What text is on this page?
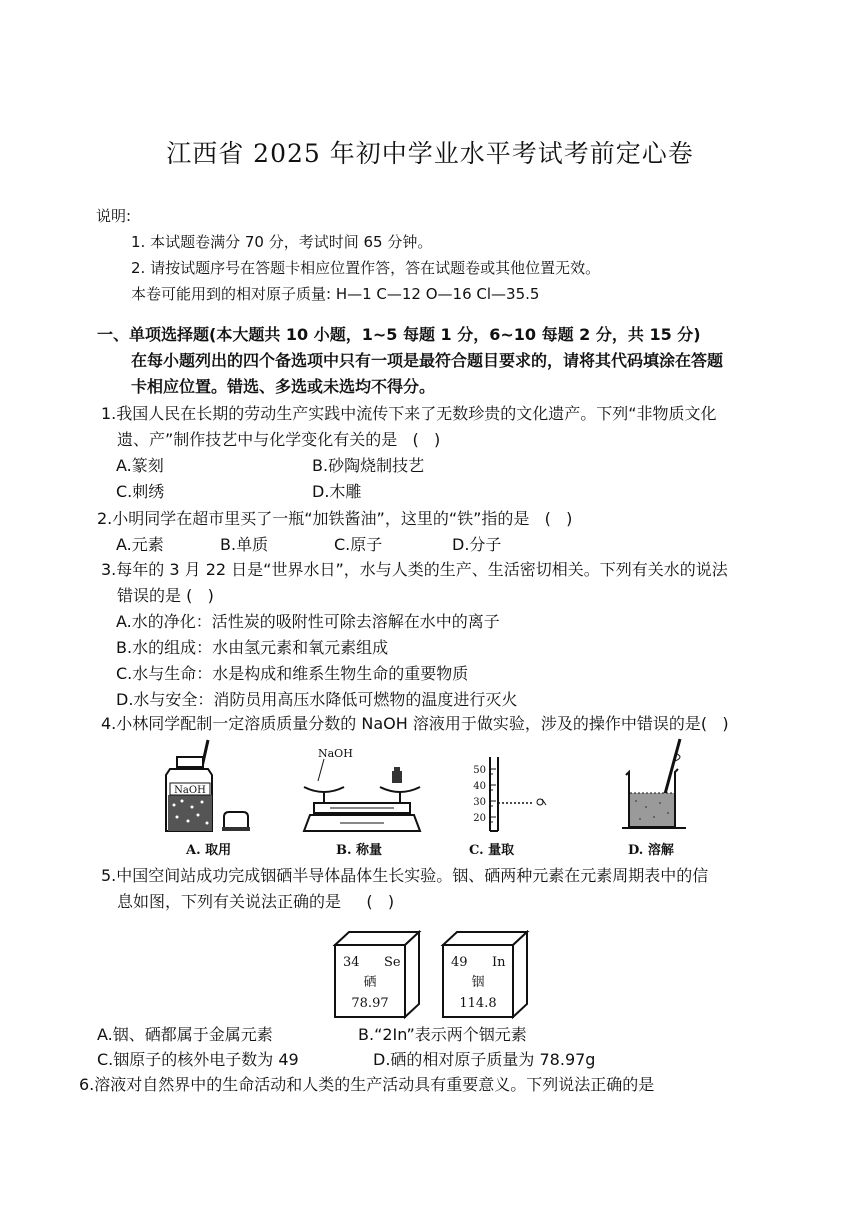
江西省 2025 年初中学业水平考试考前定心卷
说明:
1. 本试题卷满分 70 分，考试时间 65 分钟。
2. 请按试题序号在答题卡相应位置作答，答在试题卷或其他位置无效。
本卷可能用到的相对原子质量: H—1 C—12 O—16 Cl—35.5
一、单项选择题(本大题共 10 小题，1~5 每题 1 分，6~10 每题 2 分，共 15 分)
在每小题列出的四个备选项中只有一项是最符合题目要求的，请将其代码填涂在答题
卡相应位置。错选、多选或未选均不得分。
1.我国人民在长期的劳动生产实践中流传下来了无数珍贵的文化遗产。下列“非物质文化
遗、产”制作技艺中与化学变化有关的是   (   )
A.篆刻	B.砂陶烧制技艺
C.刺绣	D.木雕
2.小明同学在超市里买了一瓶“加铁酱油”，这里的“铁”指的是   (   )
A.元素	B.单质	C.原子	D.分子
3.每年的 3 月 22 日是“世界水日”，水与人类的生产、生活密切相关。下列有关水的说法
错误的是 (   )
A.水的净化：活性炭的吸附性可除去溶解在水中的离子
B.水的组成：水由氢元素和氧元素组成
C.水与生命：水是构成和维系生物生命的重要物质
D.水与安全：消防员用高压水降低可燃物的温度进行灭火
4.小林同学配制一定溶质质量分数的 NaOH 溶液用于做实验，涉及的操作中错误的是(   )
NaOH
A. 取用
NaOH
B. 称量
50
40
30
20
C. 量取	D. 溶解
5.中国空间站成功完成铟硒半导体晶体生长实验。铟、硒两种元素在元素周期表中的信
息如图，下列有关说法正确的是     (   )
34 Se
硒
78.97
49 In
铟
114.8
A.铟、硒都属于金属元素	B.“2In”表示两个铟元素
C.铟原子的核外电子数为 49	D.硒的相对原子质量为 78.97g
6.溶液对自然界中的生命活动和人类的生产活动具有重要意义。下列说法正确的是
